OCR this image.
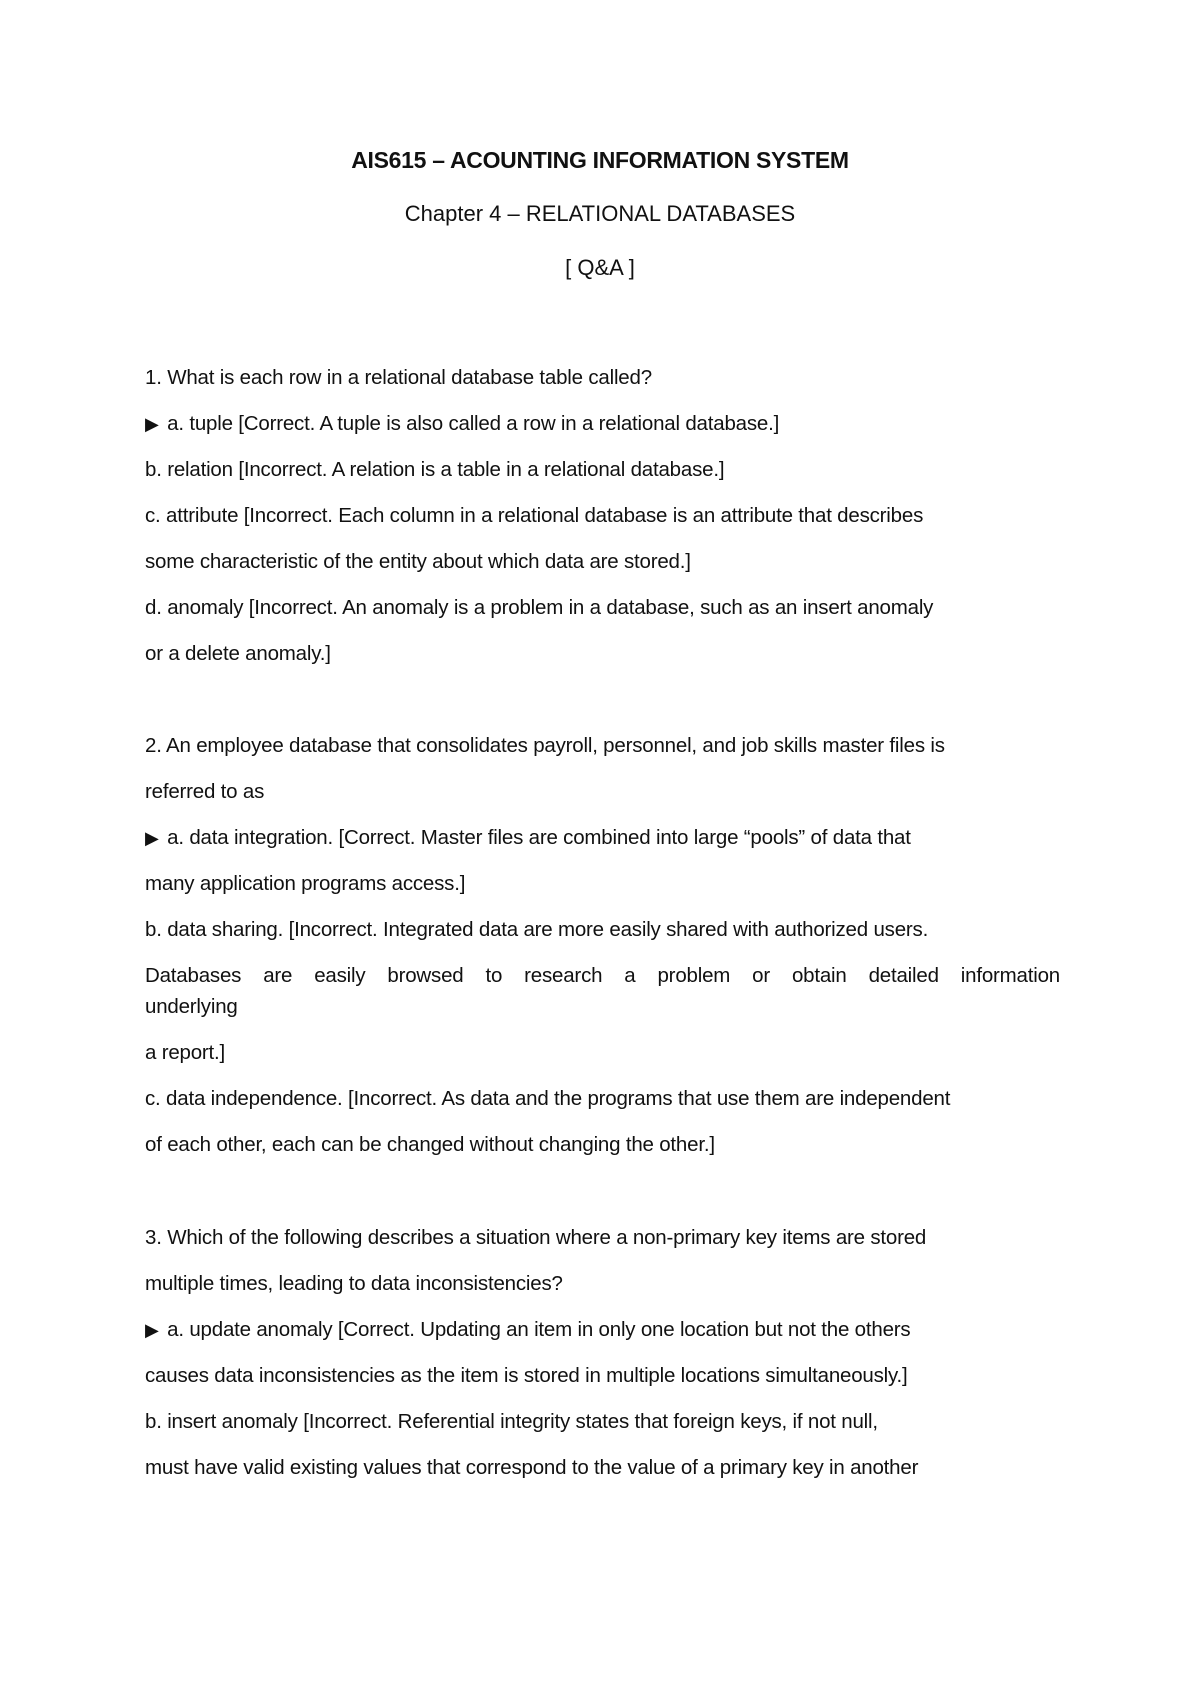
AIS615 – ACOUNTING INFORMATION SYSTEM
Chapter 4 – RELATIONAL DATABASES
[ Q&A ]
1. What is each row in a relational database table called?
▶ a. tuple [Correct. A tuple is also called a row in a relational database.]
b. relation [Incorrect. A relation is a table in a relational database.]
c. attribute [Incorrect. Each column in a relational database is an attribute that describes
some characteristic of the entity about which data are stored.]
d. anomaly [Incorrect. An anomaly is a problem in a database, such as an insert anomaly
or a delete anomaly.]
2. An employee database that consolidates payroll, personnel, and job skills master files is
referred to as
▶ a. data integration. [Correct. Master files are combined into large “pools” of data that
many application programs access.]
b. data sharing. [Incorrect. Integrated data are more easily shared with authorized users.
Databases are easily browsed to research a problem or obtain detailed information
underlying
a report.]
c. data independence. [Incorrect. As data and the programs that use them are independent
of each other, each can be changed without changing the other.]
3. Which of the following describes a situation where a non-primary key items are stored
multiple times, leading to data inconsistencies?
▶ a. update anomaly [Correct. Updating an item in only one location but not the others
causes data inconsistencies as the item is stored in multiple locations simultaneously.]
b. insert anomaly [Incorrect. Referential integrity states that foreign keys, if not null,
must have valid existing values that correspond to the value of a primary key in another
